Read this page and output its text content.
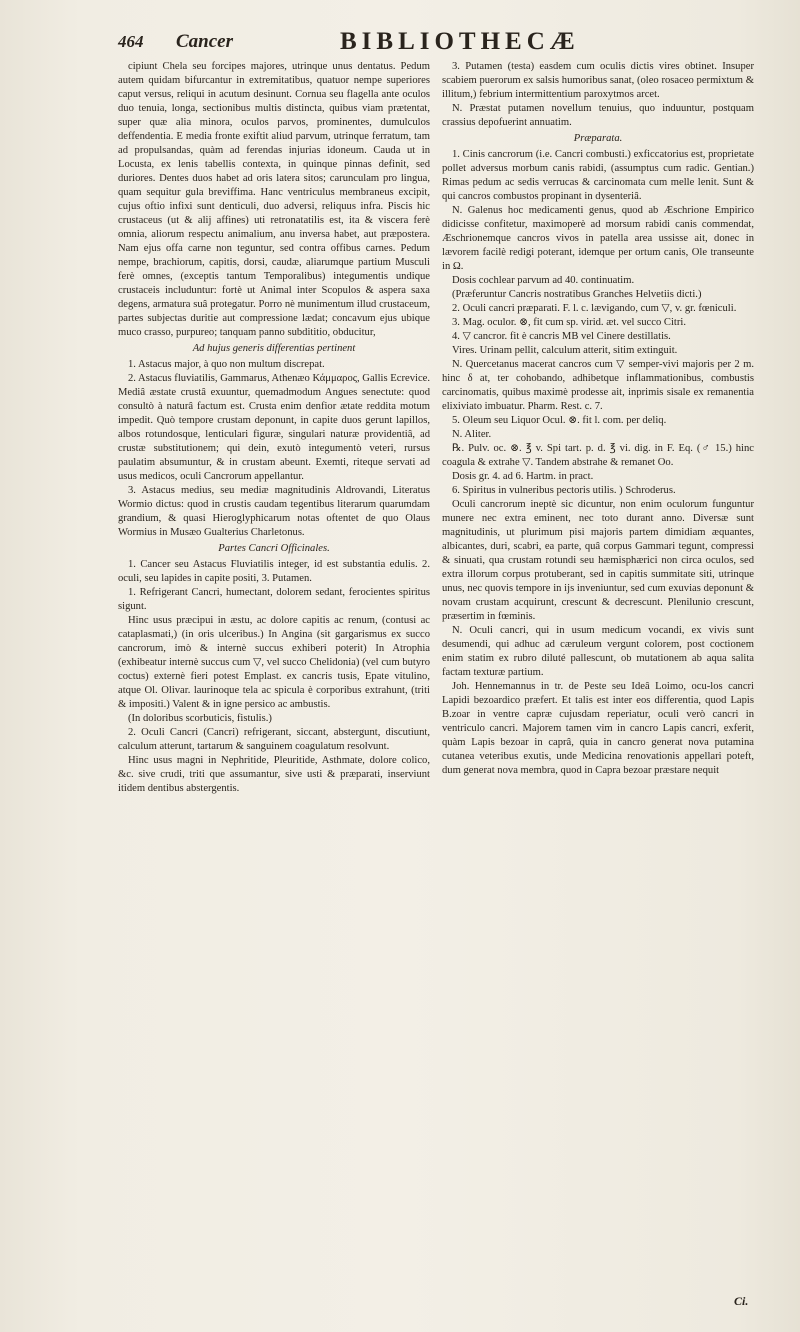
464 Cancer	BIBLIOTHECÆ

cipiunt Chela seu forcipes majores, utrinque unus dentatus. Pedum autem quidam bifurcantur in extremitatibus, quatuor nempe superiores caput versus, reliqui in acutum desinunt. Cornua seu flagella ante oculos duo tenuia, longa, sectionibus multis distincta, quibus viam prætentat, super quæ alia minora, oculos parvos, prominentes, dumulculos deffendentia. E media fronte exiftit aliud parvum, utrinque ferratum, tam ad propulsandas, quàm ad ferendas injurias idoneum. Cauda ut in Locusta, ex lenis tabellis contexta, in quinque pinnas definit, sed duriores. Dentes duos habet ad oris latera sitos; carunculam pro lingua, quam sequitur gula breviffima. Hanc ventriculus membraneus excipit, cujus oftio infixi sunt denticuli, duo adversi, reliquus infra. Piscis hic crustaceus (ut & alij affines) uti retronatatilis est, ita & viscera ferè omnia, aliorum respectu animalium, anu inversa habet, aut præpostera. Nam ejus offa carne non teguntur, sed contra offibus carnes. Pedum nempe, brachiorum, capitis, dorsi, caudæ, aliarumque partium Musculi ferè omnes, (exceptis tantum Temporalibus) integumentis undique crustaceis includuntur: fortè ut Animal inter Scopulos & aspera saxa degens, armatura suâ protegatur. Porro nè munimentum illud crustaceum, partes subjectas duritie aut compressione lædat; concavum ejus ubique muco crasso, purpureo; tanquam panno subdititio, obducitur,

Ad hujus generis differentias pertinent

1. Astacus major, à quo non multum discrepat.

2. Astacus fluviatilis, Gammarus, Athenæo Κάμμαρος, Gallis Ecrevice. Mediâ æstate crustâ exuuntur, quemadmodum Angues senectute: quod consultò à naturâ factum est. Crusta enim denfior ætate reddita motum impedit. Quò tempore crustam deponunt, in capite duos gerunt lapillos, albos rotundosque, lenticulari figuræ, singulari naturæ providentiâ, ad crustæ substitutionem; qui dein, exutò integumentò veteri, rursus paulatim absumuntur, & in crustam abeunt. Exemti, riteque servati ad usus medicos, oculi Cancrorum appellantur.

3. Astacus medius, seu mediæ magnitudinis Aldrovandi, Literatus Wormio dictus: quod in crustis caudam tegentibus literarum quarumdam grandium, & quasi Hieroglyphicarum notas oftentet de quo Olaus Wormius in Musæo Gualterius Charletonus.

Partes Cancri Officinales.

1. Cancer seu Astacus Fluviatilis integer, id est substantia edulis. 2. oculi, seu lapides in capite positi, 3. Putamen.

1. Refrigerant Cancri, humectant, dolorem sedant, ferocientes spiritus sigunt.

Hinc usus præcipui in æstu, ac dolore capitis ac renum, (contusi ac cataplasmati,) (in oris ulceribus.) In Angina (sit gargarismus ex succo cancrorum, imò & internè succus exhiberi poterit) In Atrophia (exhibeatur internè succus cum ▽, vel succo Chelidonia) (vel cum butyro coctus) externè fieri potest Emplast. ex cancris tusis, Epate vitulino, atque Ol. Olivar. laurinoque tela ac spicula è corporibus extrahunt, (triti & impositi.) Valent & in igne persico ac ambustis.

(In doloribus scorbuticis, fistulis.)

2. Oculi Cancri (Cancri) refrigerant, siccant, abstergunt, discutiunt, calculum atterunt, tartarum & sanguinem coagulatum resolvunt.

Hinc usus magni in Nephritide, Pleuritide, Asthmate, dolore colico, &c. sive crudi, triti que assumantur, sive usti & præparati, inserviunt itidem dentibus abstergentis.

3. Putamen (testa) easdem cum oculis dictis vires obtinet. Insuper scabiem puerorum ex salsis humoribus sanat, (oleo rosaceo permixtum & illitum,) febrium intermittentium paroxytmos arcet.

N. Præstat putamen novellum tenuius, quo induuntur, postquam crassius depofuerint annuatim.

Præparata.

1. Cinis cancrorum (i.e. Cancri combusti.) exficcatorius est, proprietate pollet adversus morbum canis rabidi, (assumptus cum radic. Gentian.) Rimas pedum ac sedis verrucas & carcinomata cum melle lenit. Sunt & qui cancros combustos propinant in dysenteriâ.

N. Galenus hoc medicamenti genus, quod ab Æschrione Empirico didicisse confitetur, maximoperè ad morsum rabidi canis commendat, Æschrionemque cancros vivos in patella area ussisse ait, donec in lævorem facilè redigi poterant, idemque per ortum canis, Ole transeunte in Ω.

Dosis cochlear parvum ad 40. continuatim.

(Præferuntur Cancris nostratibus Granches Helvetiis dicti.)

2. Oculi cancri præparati. F. l. c. lævigando, cum ▽, v. gr. fœniculi.

3. Mag. oculor. ⊗, fit cum sp. virid. æt. vel succo Citri.

4. ▽ cancror. fit è cancris MB vel Cinere destillatis.

Vires. Urinam pellit, calculum atterit, sitim extinguit.

N. Quercetanus macerat cancros cum ▽ semper-vivi majoris per 2 m. hinc δ at, ter cohobando, adhibetque inflammationibus, combustis carcinomatis, quibus maximè prodesse ait, inprimis sisale ex remanentia elixiviato imbuatur. Pharm. Rest. c. 7.

5. Oleum seu Liquor Ocul. ⊗. fit l. com. per deliq.

N. Aliter.

℞. Pulv. oc. ⊗. ℥ v. Spi tart. p. d. ℥ vi. dig. in F. Eq. (♂ 15.) hinc coagula & extrahe ▽. Tandem abstrahe & remanet Oo.

Dosis gr. 4. ad 6. Hartm. in pract.

6. Spiritus in vulneribus pectoris utilis. ) Schroderus.

Oculi cancrorum ineptè sic dicuntur, non enim oculorum funguntur munere nec extra eminent, nec toto durant anno. Diversæ sunt magnitudinis, ut plurimum pisi majoris partem dimidiam æquantes, albicantes, duri, scabri, ea parte, quâ corpus Gammari tegunt, compressi & sinuati, qua crustam rotundi seu hæmisphærici non circa oculos, sed extra illorum corpus protuberant, sed in capitis summitate siti, utrinque unus, nec quovis tempore in ijs inveniuntur, sed cum exuvias deponunt & novam crustam acquirunt, crescunt & decrescunt. Plenilunio crescunt, præsertim in fœminis.

N. Oculi cancri, qui in usum medicum vocandi, ex vivis sunt desumendi, qui adhuc ad cæruleum vergunt colorem, post coctionem enim statim ex rubro diluté pallescunt, ob mutationem ab aqua salita factam texturæ partium.

Joh. Hennemannus in tr. de Peste seu Ideâ Loimo, ocu-los cancri Lapidi bezoardico præfert. Et talis est inter eos differentia, quod Lapis B.zoar in ventre capræ cujusdam reperiatur, oculi verò cancri in ventriculo cancri. Majorem tamen vim in cancro Lapis cancri, exferit, quàm Lapis bezoar in caprâ, quia in cancro generat nova putamina cutanea veteribus exutis, unde Medicina renovationis appellari poteft, dum generat nova membra, quod in Capra bezoar præstare nequit

Ci.
